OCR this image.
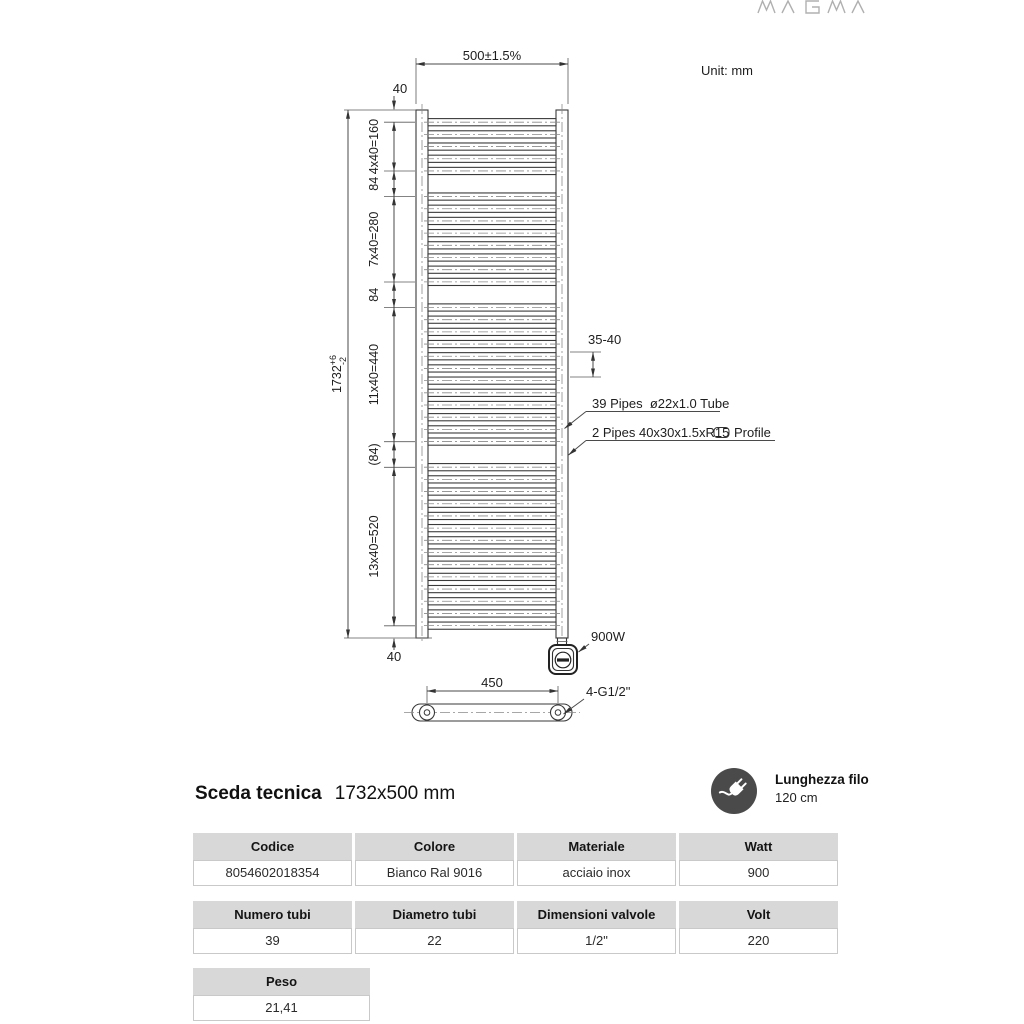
Unit: mm
500±1.5%
40
$1732^{+6}-2$
4x40=160
84
7x40=280
84
11x40=440
(84)
13x40=520
40
35-40
39 Pipes  ø22x1.0 Tube
2 Pipes 40x30x1.5xR15 Profile
900W
450
4-G1/2"
Sceda tecnica 1732x500 mm
Lunghezza filo
120 cm
Codice	Colore	Materiale	Watt
8054602018354	Bianco Ral 9016	acciaio inox	900
Numero tubi	Diametro tubi	Dimensioni valvole	Volt
39	22	1/2"	220
Peso
21,41
